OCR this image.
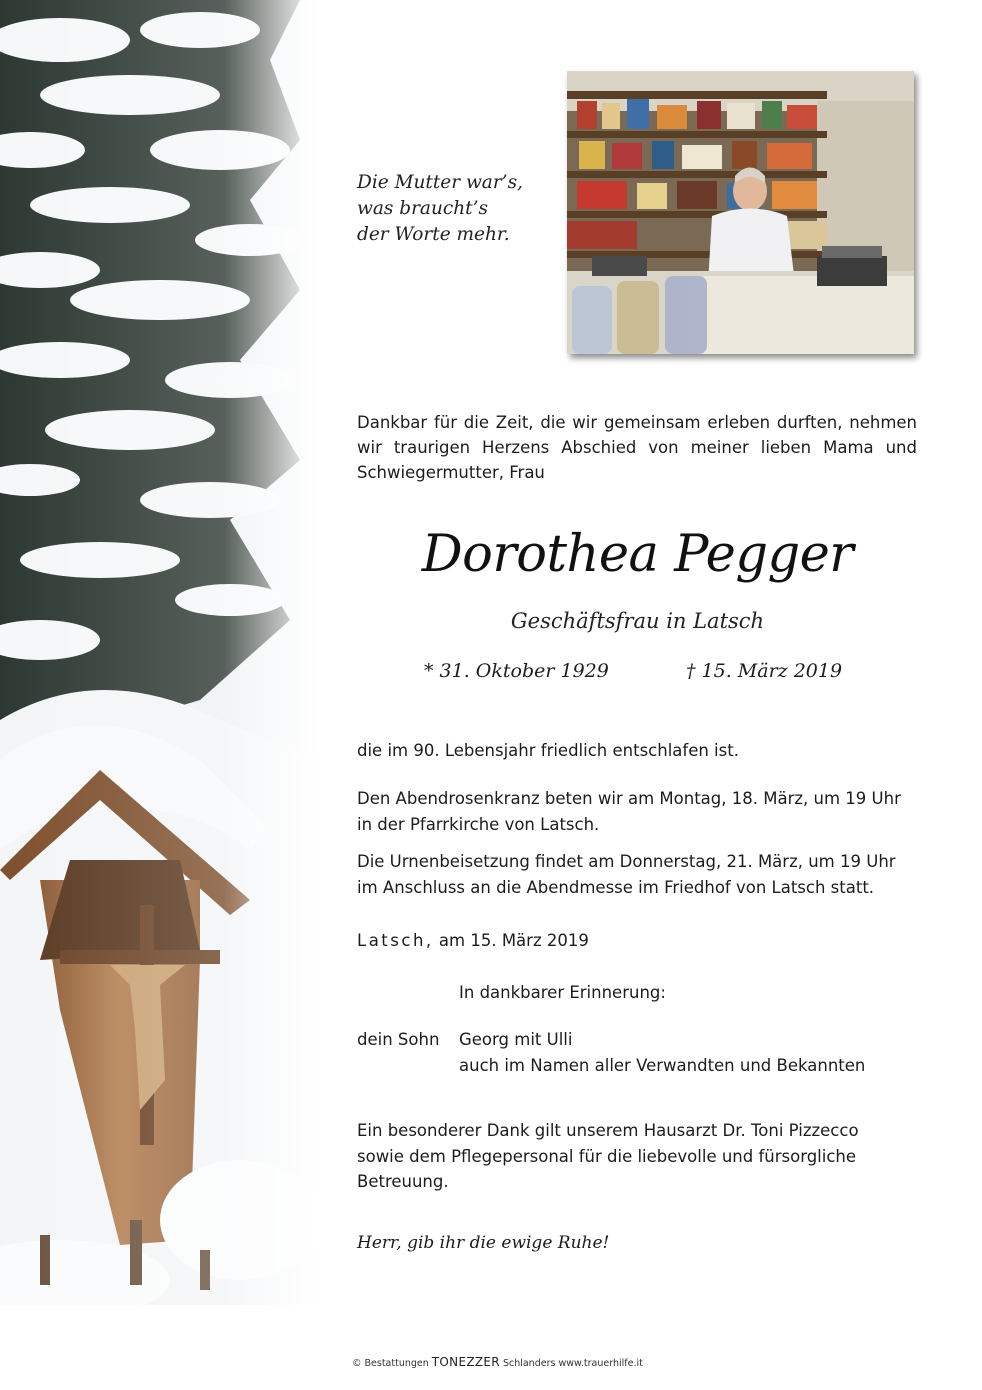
Die Mutter war’s,
was braucht’s
der Worte mehr.
Dankbar für die Zeit, die wir gemeinsam erleben durften, nehmen wir traurigen Herzens Abschied von meiner lieben Mama und Schwiegermutter, Frau
Dorothea Pegger
Geschäftsfrau in Latsch
* 31. Oktober 1929	† 15. März 2019
die im 90. Lebensjahr friedlich entschlafen ist.
Den Abendrosenkranz beten wir am Montag, 18. März, um 19 Uhr
in der Pfarrkirche von Latsch.
Die Urnenbeisetzung findet am Donnerstag, 21. März, um 19 Uhr
im Anschluss an die Abendmesse im Friedhof von Latsch statt.
Latsch, am 15. März 2019
In dankbarer Erinnerung:
dein Sohn Georg mit Ulli
auch im Namen aller Verwandten und Bekannten
Ein besonderer Dank gilt unserem Hausarzt Dr. Toni Pizzecco
sowie dem Pflegepersonal für die liebevolle und fürsorgliche
Betreuung.
Herr, gib ihr die ewige Ruhe!
© Bestattungen TONEZZER Schlanders www.trauerhilfe.it
